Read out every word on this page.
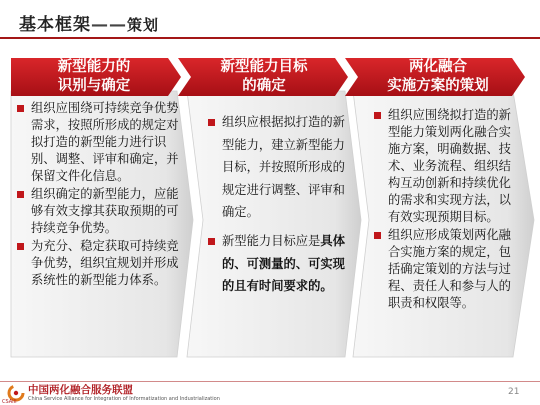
基本框架——策划
新型能力的
识别与确定
组织应围绕可持续竞争优势需求，按照所形成的规定对拟打造的新型能力进行识别、调整、评审和确定，并保留文件化信息。
组织确定的新型能力，应能够有效支撑其获取预期的可持续竞争优势。
为充分、稳定获取可持续竞争优势，组织宜规划并形成系统性的新型能力体系。
新型能力目标
的确定
组织应根据拟打造的新型能力，建立新型能力目标，并按照所形成的规定进行调整、评审和确定。
新型能力目标应是具体的、可测量的、可实现的且有时间要求的。
两化融合
实施方案的策划
组织应围绕拟打造的新型能力策划两化融合实施方案，明确数据、技术、业务流程、组织结构互动创新和持续优化的需求和实现方法，以有效实现预期目标。
组织应形成策划两化融合实施方案的规定，包括确定策划的方法与过程、责任人和参与人的职责和权限等。
CSAIII
中国两化融合服务联盟
China Service Alliance for Integration of Informatization and Industrialization
21
